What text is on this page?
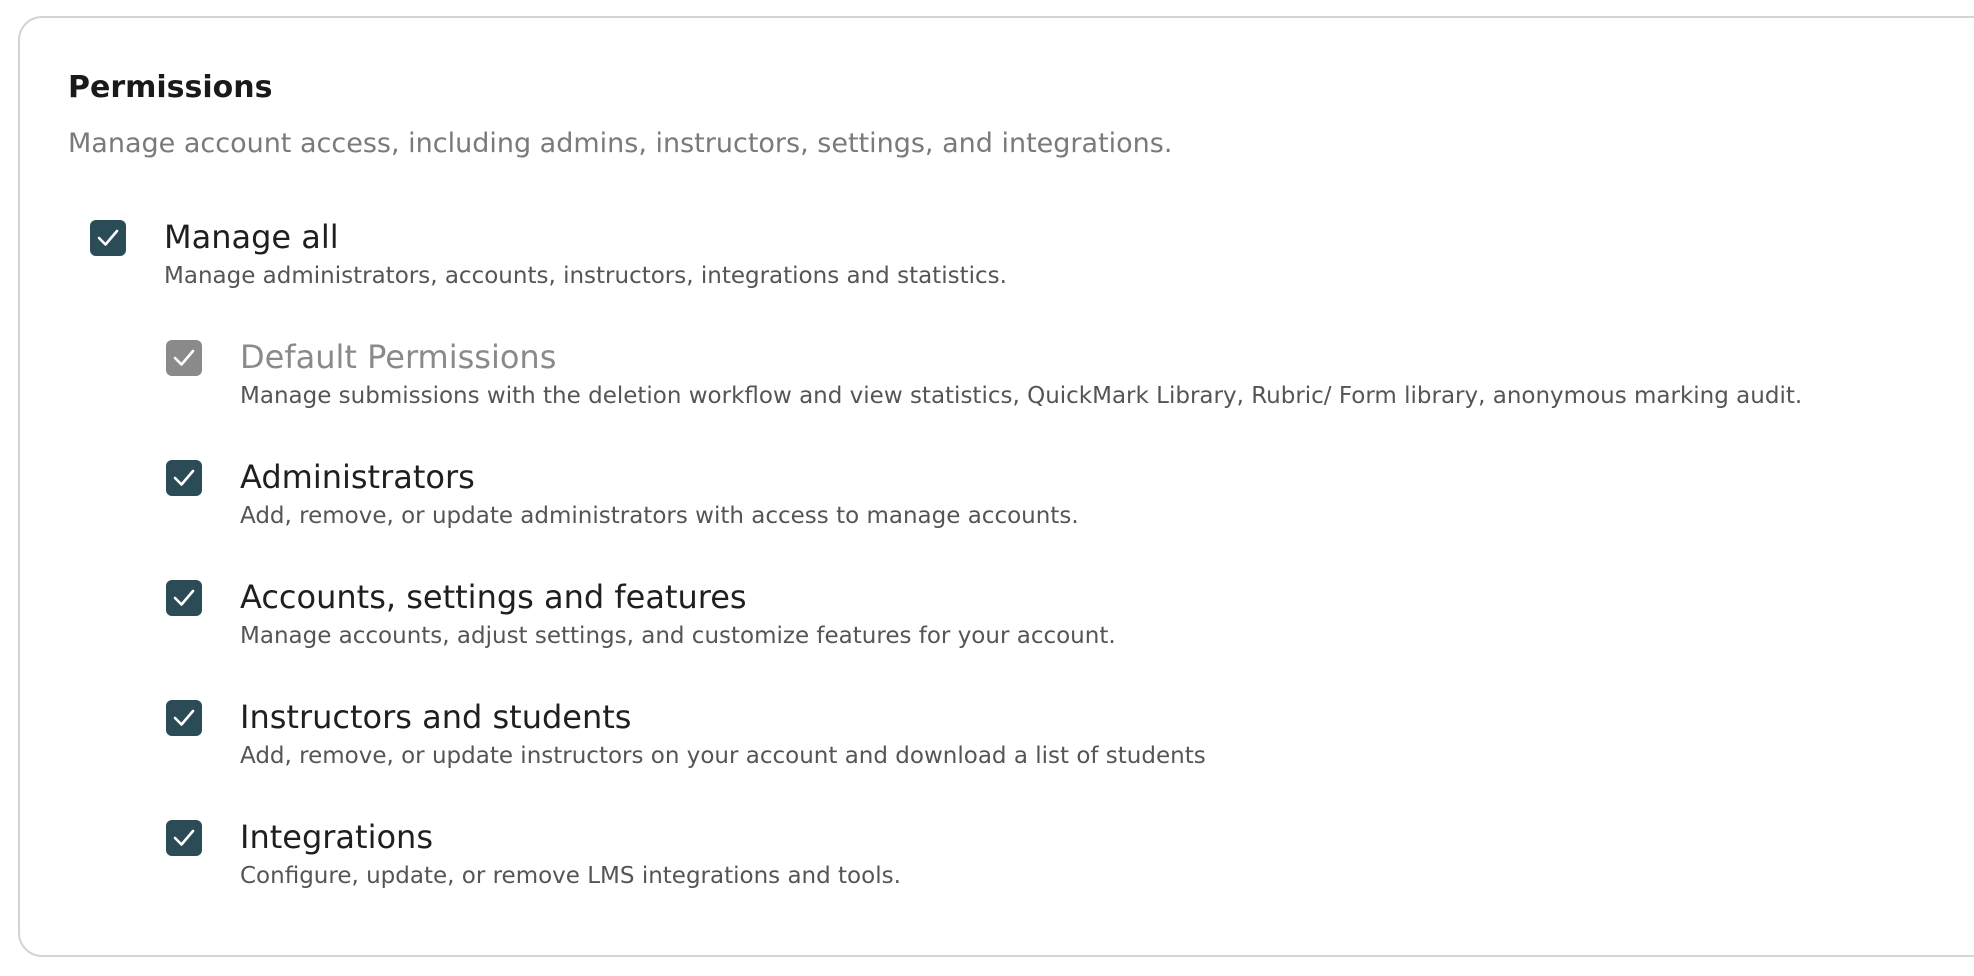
Permissions
Manage account access, including admins, instructors, settings, and integrations.
Manage all
Manage administrators, accounts, instructors, integrations and statistics.
Default Permissions
Manage submissions with the deletion workflow and view statistics, QuickMark Library, Rubric/ Form library, anonymous marking audit.
Administrators
Add, remove, or update administrators with access to manage accounts.
Accounts, settings and features
Manage accounts, adjust settings, and customize features for your account.
Instructors and students
Add, remove, or update instructors on your account and download a list of students
Integrations
Configure, update, or remove LMS integrations and tools.
